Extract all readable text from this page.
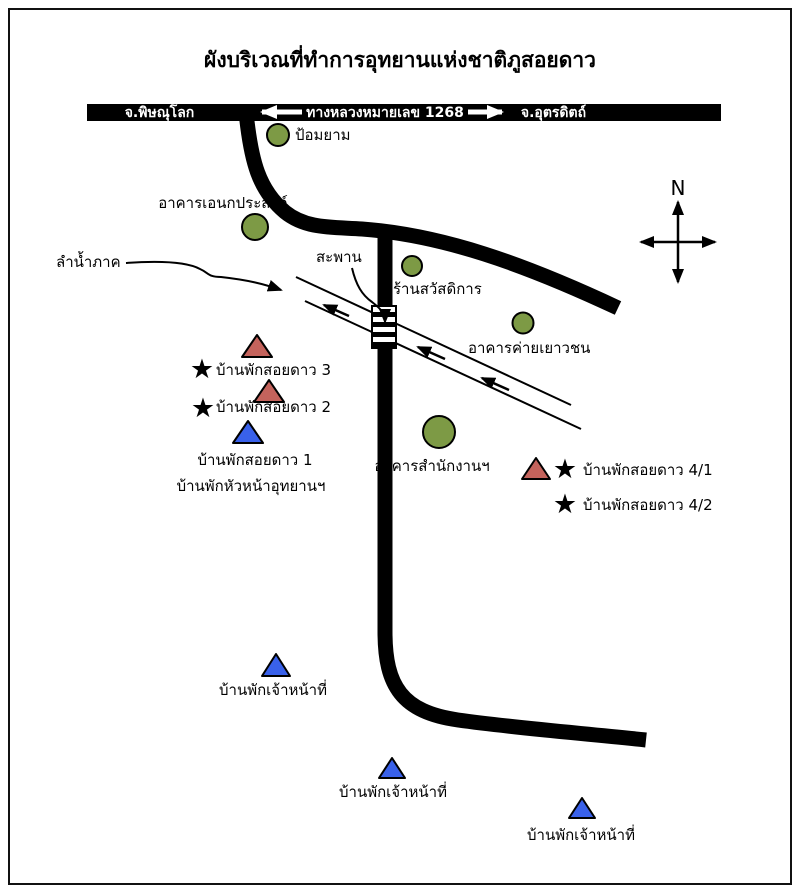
N
ผังบริเวณที่ทำการอุทยานแห่งชาติภูสอยดาว
จ.พิษณุโลก	ทางหลวงหมายเลข 1268	จ.อุตรดิตถ์
ป้อมยาม
อาคารเอนกประสงค์
ลำน้ำภาค	สะพาน
ร้านสวัสดิการ
อาคารค่ายเยาวชน
อาคารสำนักงานฯ
บ้านพักสอยดาว 3
บ้านพักสอยดาว 2
บ้านพักสอยดาว 1
บ้านพักหัวหน้าอุทยานฯ
บ้านพักสอยดาว 4/1
บ้านพักสอยดาว 4/2
บ้านพักเจ้าหน้าที่
บ้านพักเจ้าหน้าที่
บ้านพักเจ้าหน้าที่
★
★
★
★
